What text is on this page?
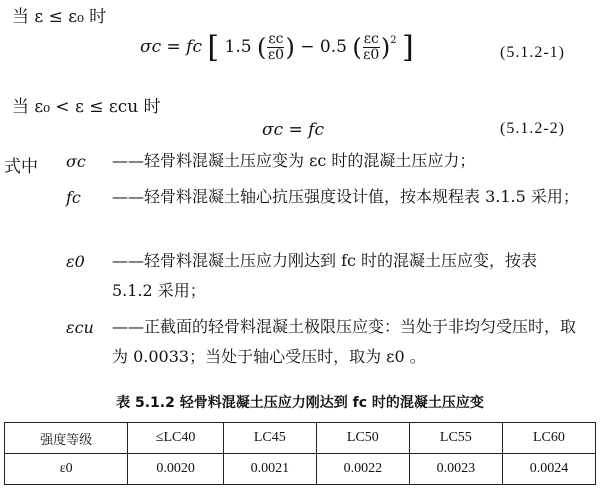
当 ε ≤ ε₀ 时
σc = fc [ 1.5 ( $\frac{\varepsilon c}{\varepsilon 0}$ ) − 0.5 ( $\frac{\varepsilon c}{\varepsilon 0} )^2$ ]	(5.1.2-1)
当 ε₀ < ε ≤ εcu 时
σc = fc	(5.1.2-2)
式中 σc ——轻骨料混凝土压应变为 εc 时的混凝土压应力；
fc ——轻骨料混凝土轴心抗压强度设计值，按本规程表 3.1.5 采用；
ε0 ——轻骨料混凝土压应力刚达到 fc 时的混凝土压应变，按表 5.1.2 采用；
εcu ——正截面的轻骨料混凝土极限压应变：当处于非均匀受压时，取为 0.0033；当处于轴心受压时，取为 ε0 。
表 5.1.2 轻骨料混凝土压应力刚达到 fc 时的混凝土压应变
强度等级	≤LC40	LC45	LC50	LC55	LC60
ε0	0.0020	0.0021	0.0022	0.0023	0.0024
